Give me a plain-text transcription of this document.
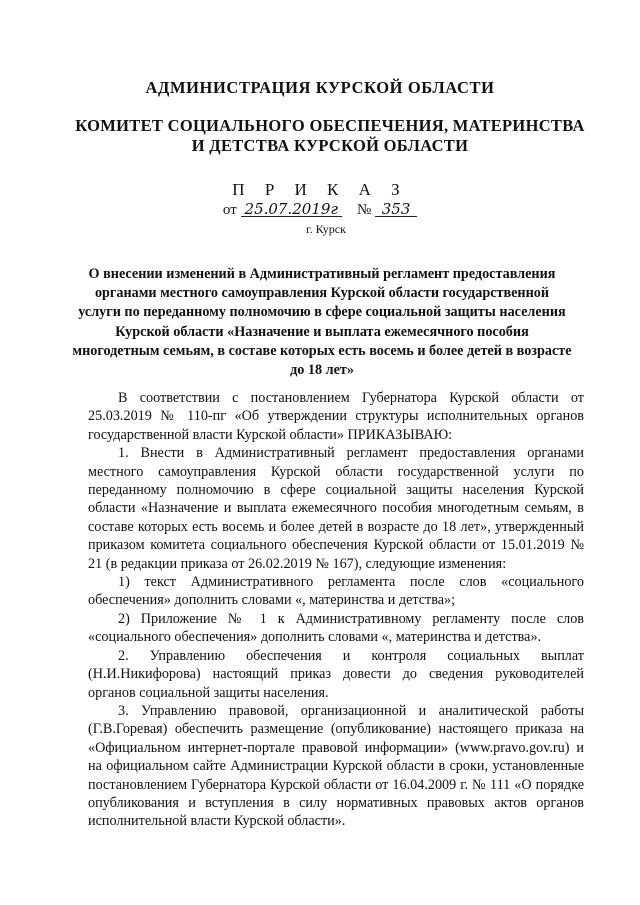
АДМИНИСТРАЦИЯ КУРСКОЙ ОБЛАСТИ
КОМИТЕТ СОЦИАЛЬНОГО ОБЕСПЕЧЕНИЯ, МАТЕРИНСТВА
И ДЕТСТВА КУРСКОЙ ОБЛАСТИ
П Р И К А З
от 25.07.2019г № 353
г. Курск
О внесении изменений в Административный регламент предоставления органами местного самоуправления Курской области государственной услуги по переданному полномочию в сфере социальной защиты населения Курской области «Назначение и выплата ежемесячного пособия многодетным семьям, в составе которых есть восемь и более детей в возрасте до 18 лет»

В соответствии с постановлением Губернатора Курской области от 25.03.2019 № 110-пг «Об утверждении структуры исполнительных органов государственной власти Курской области» ПРИКАЗЫВАЮ:

1. Внести в Административный регламент предоставления органами местного самоуправления Курской области государственной услуги по переданному полномочию в сфере социальной защиты населения Курской области «Назначение и выплата ежемесячного пособия многодетным семьям, в составе которых есть восемь и более детей в возрасте до 18 лет», утвержденный приказом комитета социального обеспечения Курской области от 15.01.2019 № 21 (в редакции приказа от 26.02.2019 № 167), следующие изменения:

1) текст Административного регламента после слов «социального обеспечения» дополнить словами «, материнства и детства»;

2) Приложение № 1 к Административному регламенту после слов «социального обеспечения» дополнить словами «, материнства и детства».

2. Управлению обеспечения и контроля социальных выплат (Н.И.Никифорова) настоящий приказ довести до сведения руководителей органов социальной защиты населения.

3. Управлению правовой, организационной и аналитической работы (Г.В.Горевая) обеспечить размещение (опубликование) настоящего приказа на «Официальном интернет-портале правовой информации» (www.pravo.gov.ru) и на официальном сайте Администрации Курской области в сроки, установленные постановлением Губернатора Курской области от 16.04.2009 г. № 111 «О порядке опубликования и вступления в силу нормативных правовых актов органов исполнительной власти Курской области».
